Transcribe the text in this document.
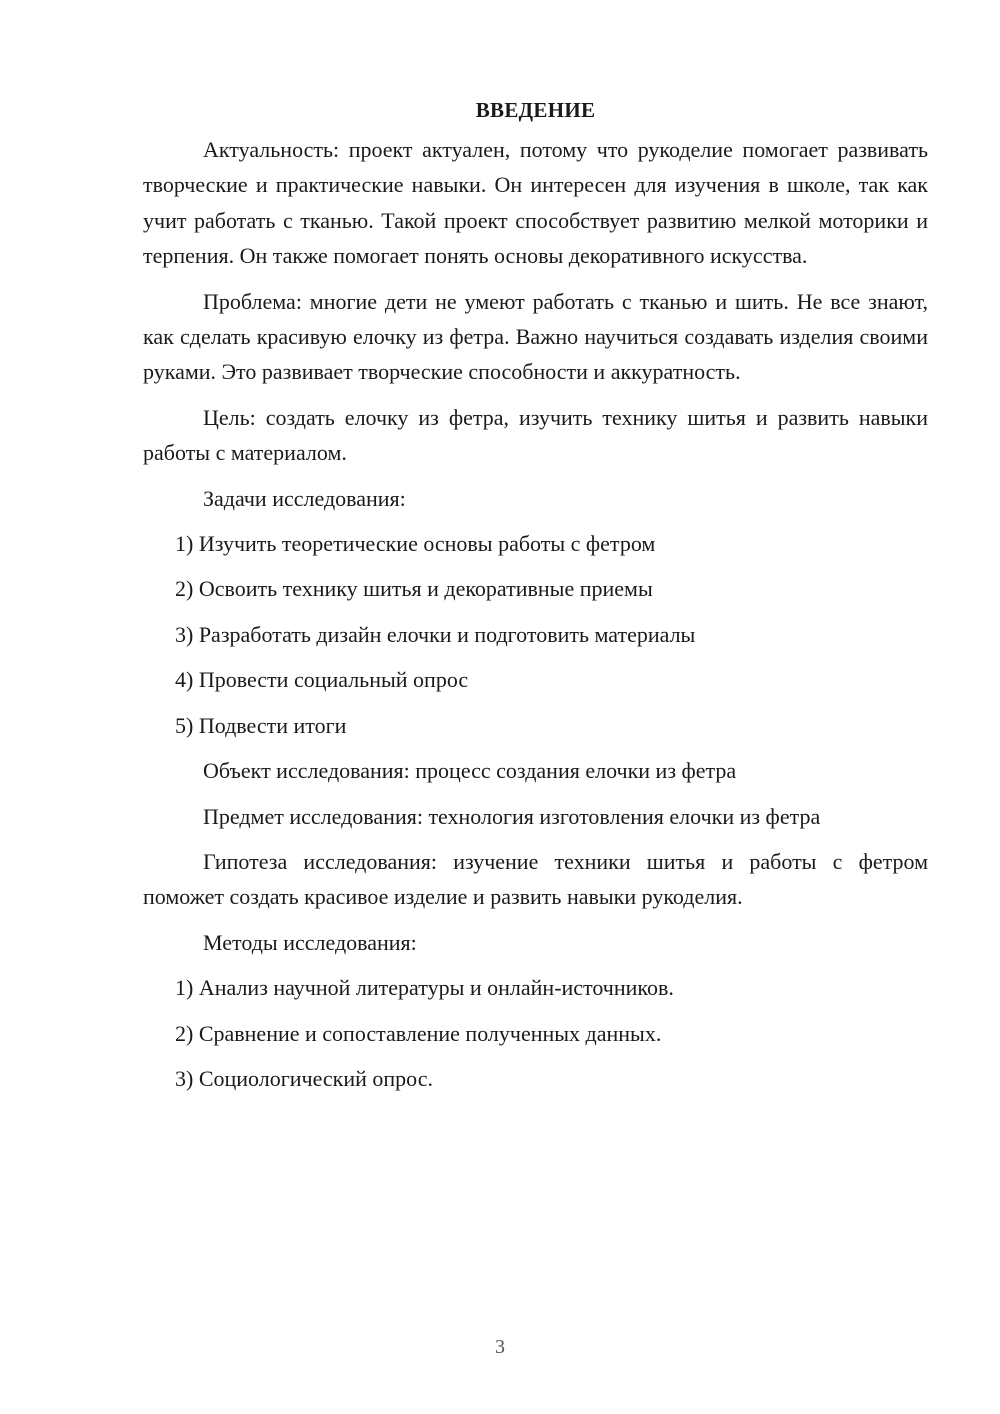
ВВЕДЕНИЕ

Актуальность: проект актуален, потому что рукоделие помогает развивать творческие и практические навыки. Он интересен для изучения в школе, так как учит работать с тканью. Такой проект способствует развитию мелкой моторики и терпения. Он также помогает понять основы декоративного искусства.

Проблема: многие дети не умеют работать с тканью и шить. Не все знают, как сделать красивую елочку из фетра. Важно научиться создавать изделия своими руками. Это развивает творческие способности и аккуратность.

Цель: создать елочку из фетра, изучить технику шитья и развить навыки работы с материалом.

Задачи исследования:
1) Изучить теоретические основы работы с фетром
2) Освоить технику шитья и декоративные приемы
3) Разработать дизайн елочки и подготовить материалы
4) Провести социальный опрос
5) Подвести итоги
Объект исследования: процесс создания елочки из фетра
Предмет исследования: технология изготовления елочки из фетра

Гипотеза исследования: изучение техники шитья и работы с фетром поможет создать красивое изделие и развить навыки рукоделия.

Методы исследования:
1) Анализ научной литературы и онлайн-источников.
2) Сравнение и сопоставление полученных данных.
3) Социологический опрос.
3
